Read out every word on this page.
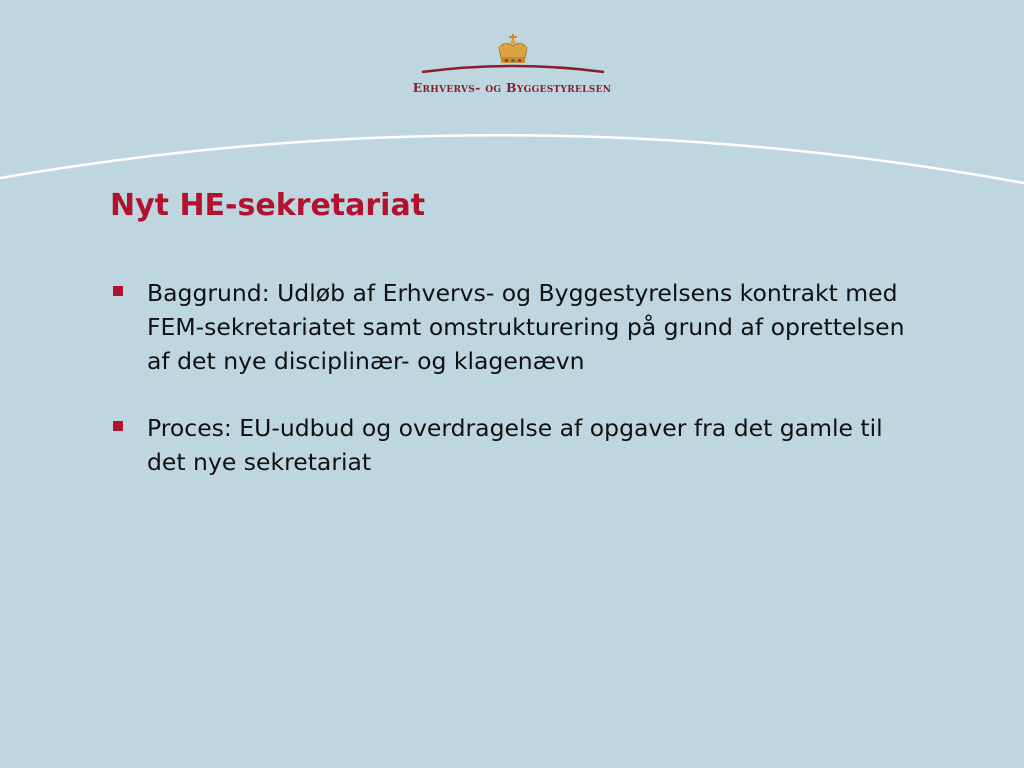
Erhvervs- og Byggestyrelsen
Nyt HE-sekretariat
Baggrund: Udløb af Erhvervs- og Byggestyrelsens kontrakt med FEM-sekretariatet samt omstrukturering på grund af oprettelsen af det nye disciplinær- og klagenævn
Proces: EU-udbud og overdragelse af opgaver fra det gamle til det nye sekretariat
